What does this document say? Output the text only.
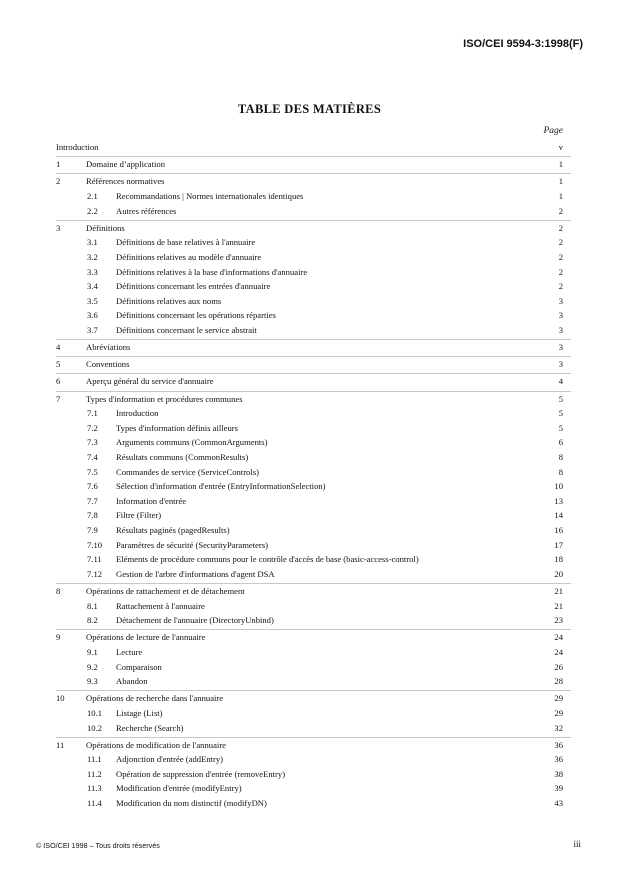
ISO/CEI 9594-3:1998(F)
TABLE DES MATIÈRES
Page
Introduction . . .	v
1	Domaine d’application . . .	1
2	Références normatives . . .	1
2.1 Recommandations | Normes internationales identiques . . .	1
2.2 Autres références . . .	2
3	Définitions . . .	2
3.1 Définitions de base relatives à l'annuaire . . .	2
3.2 Définitions relatives au modèle d'annuaire . . .	2
3.3 Définitions relatives à la base d'informations d'annuaire . . .	2
3.4 Définitions concernant les entrées d'annuaire . . .	2
3.5 Définitions relatives aux noms . . .	3
3.6 Définitions concernant les opérations réparties . . .	3
3.7 Définitions concernant le service abstrait . . .	3
4	Abréviations . . .	3
5	Conventions . . .	3
6	Aperçu général du service d'annuaire . . .	4
7	Types d'information et procédures communes . . .	5
7.1 Introduction . . .	5
7.2 Types d'information définis ailleurs . . .	5
7.3 Arguments communs (CommonArguments) . . .	6
7.4 Résultats communs (CommonResults) . . .	8
7.5 Commandes de service (ServiceControls) . . .	8
7.6 Sélection d'information d'entrée (EntryInformationSelection) . . .	10
7.7 Information d'entrée . . .	13
7.8 Filtre (Filter) . . .	14
7.9 Résultats paginés (pagedResults) . . .	16
7.10 Paramètres de sécurité (SecurityParameters) . . .	17
7.11 Eléments de procédure communs pour le contrôle d'accès de base (basic-access-control) . . .	18
7.12 Gestion de l'arbre d'informations d'agent DSA . . .	20
8	Opérations de rattachement et de détachement . . .	21
8.1 Rattachement à l'annuaire . . .	21
8.2 Détachement de l'annuaire (DirectoryUnbind) . . .	23
9	Opérations de lecture de l'annuaire . . .	24
9.1 Lecture . . .	24
9.2 Comparaison . . .	26
9.3 Abandon . . .	28
10 Opérations de recherche dans l'annuaire . . .	29
10.1 Listage (List) . . .	29
10.2 Recherche (Search) . . .	32
11	Opérations de modification de l'annuaire . . .	36
11.1 Adjonction d'entrée (addEntry) . . .	36
11.2 Opération de suppression d'entrée (removeEntry) . . .	38
11.3 Modification d'entrée (modifyEntry) . . .	39
11.4 Modification du nom distinctif (modifyDN) . . .	43
© ISO/CEI 1998 – Tous droits réservés	iii
